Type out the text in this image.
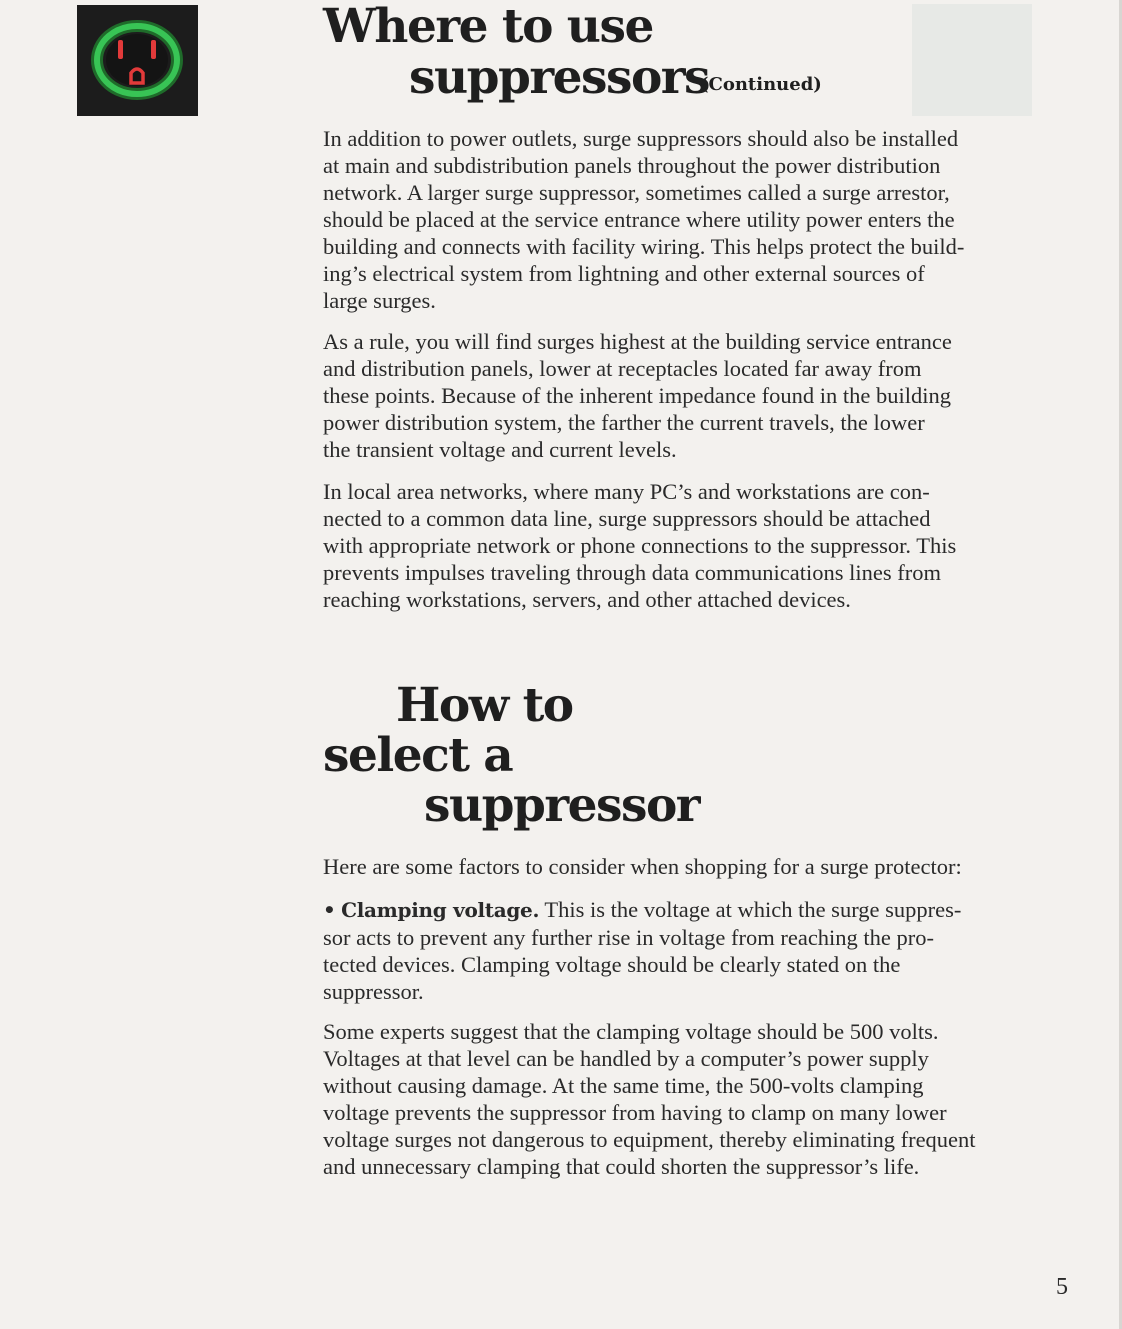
Where to use
suppressors
(Continued)
In addition to power outlets, surge suppressors should also be installed
at main and subdistribution panels throughout the power distribution
network. A larger surge suppressor, sometimes called a surge arrestor,
should be placed at the service entrance where utility power enters the
building and connects with facility wiring. This helps protect the build-
ing’s electrical system from lightning and other external sources of
large surges.
As a rule, you will find surges highest at the building service entrance
and distribution panels, lower at receptacles located far away from
these points. Because of the inherent impedance found in the building
power distribution system, the farther the current travels, the lower
the transient voltage and current levels.
In local area networks, where many PC’s and workstations are con-
nected to a common data line, surge suppressors should be attached
with appropriate network or phone connections to the suppressor. This
prevents impulses traveling through data communications lines from
reaching workstations, servers, and other attached devices.
How to
select a
suppressor
Here are some factors to consider when shopping for a surge protector:
• Clamping voltage. This is the voltage at which the surge suppres-
sor acts to prevent any further rise in voltage from reaching the pro-
tected devices. Clamping voltage should be clearly stated on the
suppressor.
Some experts suggest that the clamping voltage should be 500 volts.
Voltages at that level can be handled by a computer’s power supply
without causing damage. At the same time, the 500-volts clamping
voltage prevents the suppressor from having to clamp on many lower
voltage surges not dangerous to equipment, thereby eliminating frequent
and unnecessary clamping that could shorten the suppressor’s life.
5
